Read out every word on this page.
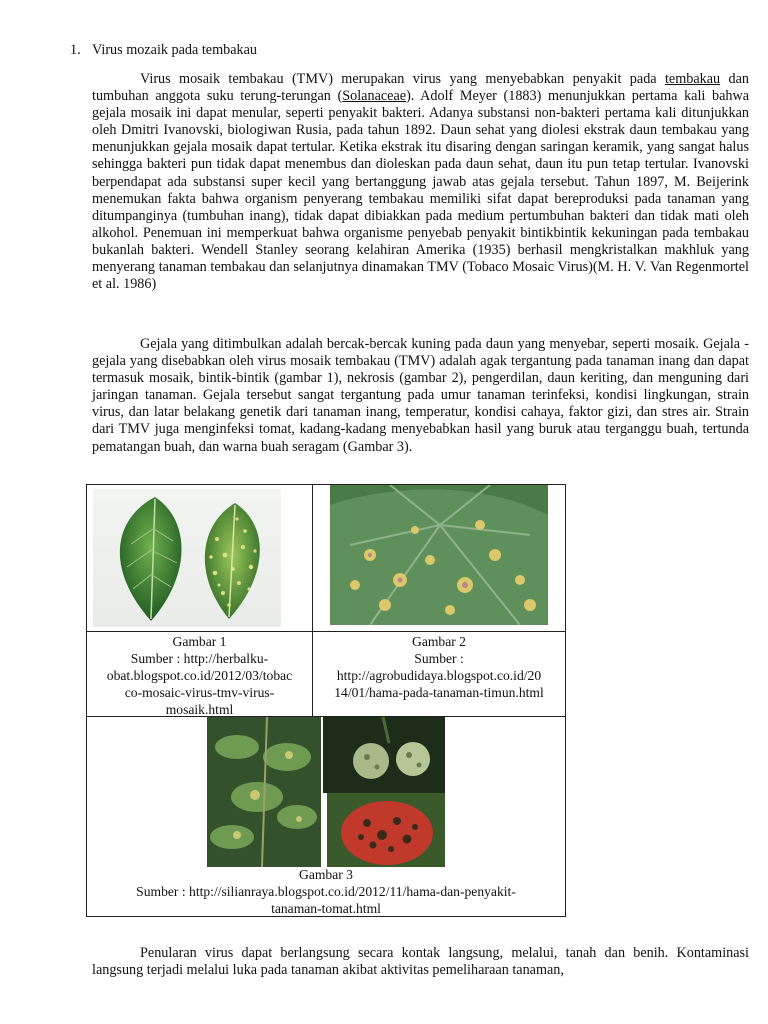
1. Virus mozaik pada tembakau

Virus mosaik tembakau (TMV) merupakan virus yang menyebabkan penyakit pada tembakau dan tumbuhan anggota suku terung-terungan (Solanaceae). Adolf Meyer (1883) menunjukkan pertama kali bahwa gejala mosaik ini dapat menular, seperti penyakit bakteri. Adanya substansi non-bakteri pertama kali ditunjukkan oleh Dmitri Ivanovski, biologiwan Rusia, pada tahun 1892. Daun sehat yang diolesi ekstrak daun tembakau yang menunjukkan gejala mosaik dapat tertular. Ketika ekstrak itu disaring dengan saringan keramik, yang sangat halus sehingga bakteri pun tidak dapat menembus dan dioleskan pada daun sehat, daun itu pun tetap tertular. Ivanovski berpendapat ada substansi super kecil yang bertanggung jawab atas gejala tersebut. Tahun 1897, M. Beijerink menemukan fakta bahwa organism penyerang tembakau memiliki sifat dapat bereproduksi pada tanaman yang ditumpanginya (tumbuhan inang), tidak dapat dibiakkan pada medium pertumbuhan bakteri dan tidak mati oleh alkohol. Penemuan ini memperkuat bahwa organisme penyebab penyakit bintikbintik kekuningan pada tembakau bukanlah bakteri. Wendell Stanley seorang kelahiran Amerika (1935) berhasil mengkristalkan makhluk yang menyerang tanaman tembakau dan selanjutnya dinamakan TMV (Tobaco Mosaic Virus)(M. H. V. Van Regenmortel et al. 1986)

Gejala yang ditimbulkan adalah bercak-bercak kuning pada daun yang menyebar, seperti mosaik. Gejala - gejala yang disebabkan oleh virus mosaik tembakau (TMV) adalah agak tergantung pada tanaman inang dan dapat termasuk mosaik, bintik-bintik (gambar 1), nekrosis (gambar 2), pengerdilan, daun keriting, dan menguning dari jaringan tanaman. Gejala tersebut sangat tergantung pada umur tanaman terinfeksi, kondisi lingkungan, strain virus, dan latar belakang genetik dari tanaman inang, temperatur, kondisi cahaya, faktor gizi, dan stres air. Strain dari TMV juga menginfeksi tomat, kadang-kadang menyebabkan hasil yang buruk atau terganggu buah, tertunda pematangan buah, dan warna buah seragam (Gambar 3).

Gambar 1
Sumber : http://herbalku-
obat.blogspot.co.id/2012/03/tobac
co-mosaic-virus-tmv-virus-
mosaik.html
Gambar 2
Sumber :
http://agrobudidaya.blogspot.co.id/20
14/01/hama-pada-tanaman-timun.html
Gambar 3
Sumber : http://silianraya.blogspot.co.id/2012/11/hama-dan-penyakit-
tanaman-tomat.html

Penularan virus dapat berlangsung secara kontak langsung, melalui, tanah dan benih. Kontaminasi langsung terjadi melalui luka pada tanaman akibat aktivitas pemeliharaan tanaman,
